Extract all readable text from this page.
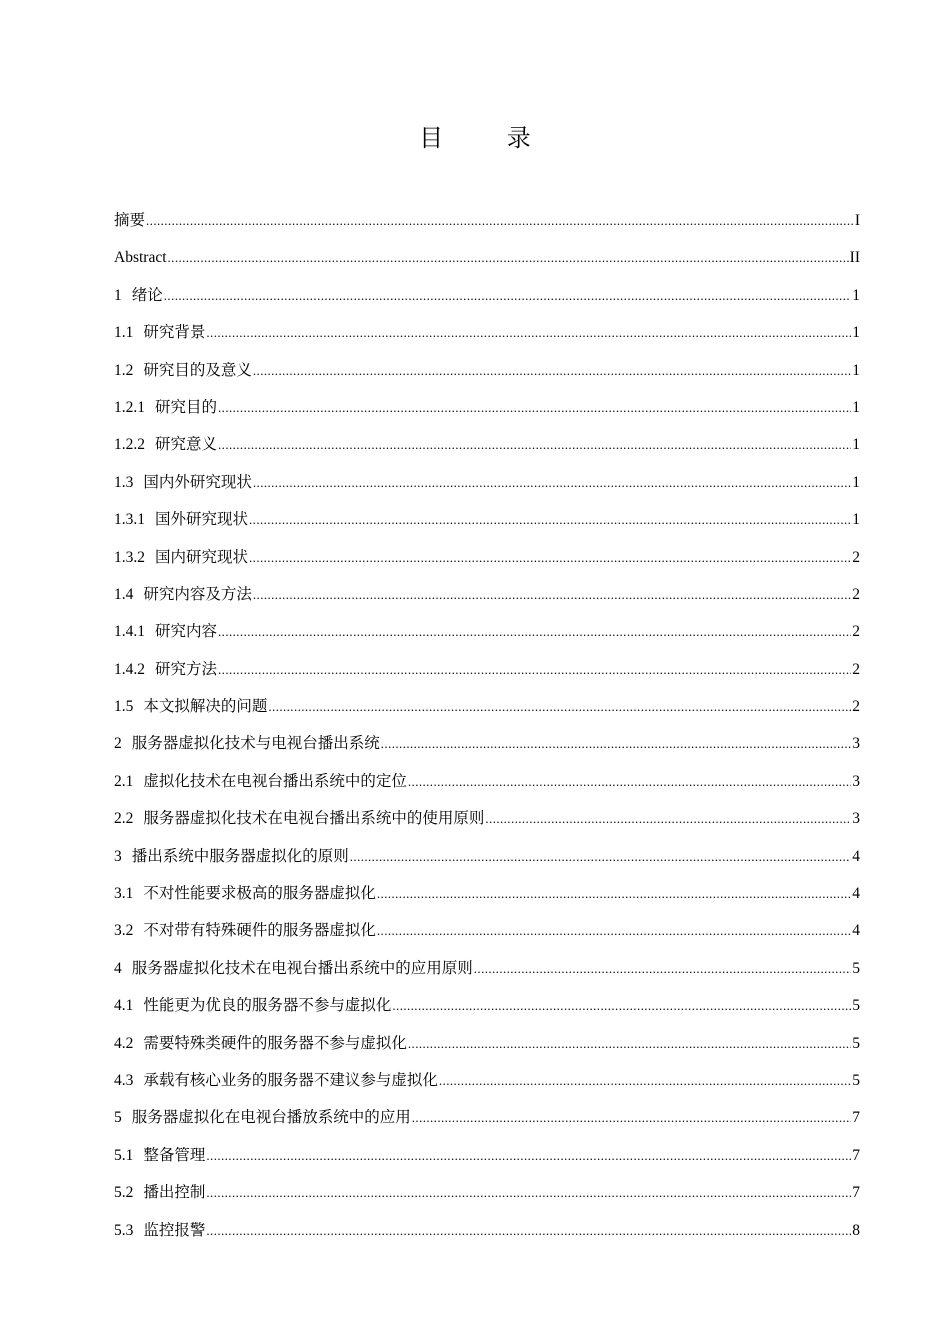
目 录
摘要 .....	I
Abstract .....	II
1 绪论 .....	1
1.1 研究背景 .....	1
1.2 研究目的及意义 .....	1
1.2.1 研究目的 .....	1
1.2.2 研究意义 .....	1
1.3 国内外研究现状 .....	1
1.3.1 国外研究现状 .....	1
1.3.2 国内研究现状 .....	2
1.4 研究内容及方法 .....	2
1.4.1 研究内容 .....	2
1.4.2 研究方法 .....	2
1.5 本文拟解决的问题 .....	2
2 服务器虚拟化技术与电视台播出系统 .....	3
2.1 虚拟化技术在电视台播出系统中的定位 .....	3
2.2 服务器虚拟化技术在电视台播出系统中的使用原则 .....	3
3 播出系统中服务器虚拟化的原则 .....	4
3.1 不对性能要求极高的服务器虚拟化 .....	4
3.2 不对带有特殊硬件的服务器虚拟化 .....	4
4 服务器虚拟化技术在电视台播出系统中的应用原则 .....	5
4.1 性能更为优良的服务器不参与虚拟化 .....	5
4.2 需要特殊类硬件的服务器不参与虚拟化 .....	5
4.3 承载有核心业务的服务器不建议参与虚拟化 .....	5
5 服务器虚拟化在电视台播放系统中的应用 .....	7
5.1 整备管理 .....	7
5.2 播出控制 .....	7
5.3 监控报警 .....	8
